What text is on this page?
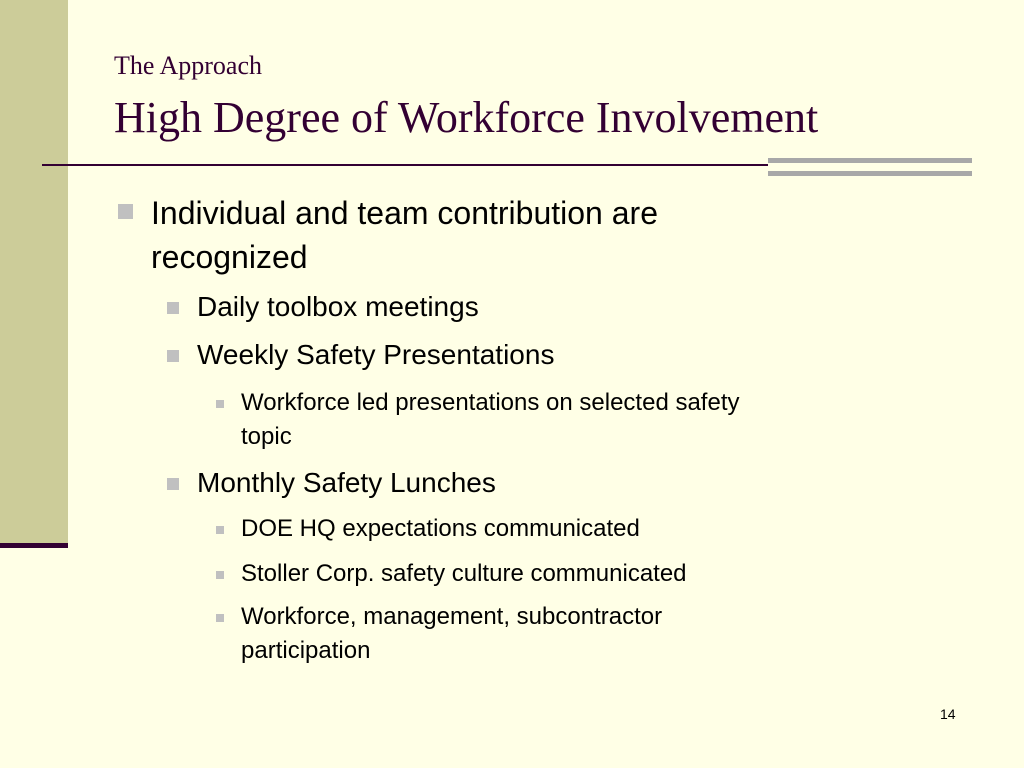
The Approach
High Degree of Workforce Involvement
Individual and team contribution are
recognized
Daily toolbox meetings
Weekly Safety Presentations
Workforce led presentations on selected safety
topic
Monthly Safety Lunches
DOE HQ expectations communicated
Stoller Corp. safety culture communicated
Workforce, management, subcontractor
participation
14
